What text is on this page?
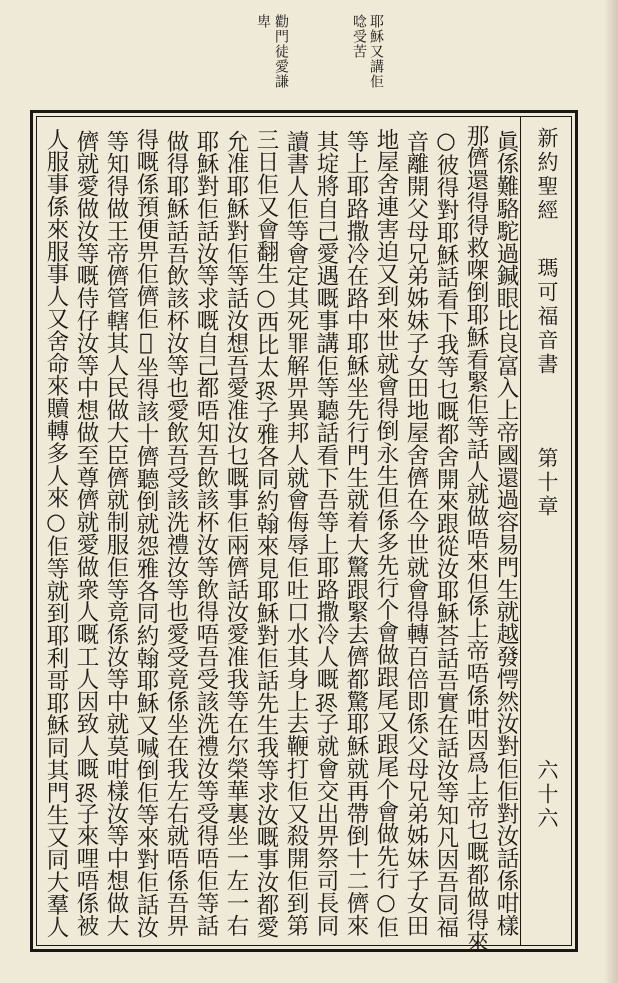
耶穌又講佢
唸受苦
勸門徒愛謙
卑
新約聖經
瑪可福音書
第十章
六十六
眞係難駱駝過鍼眼比良富入上帝國還過容易門生就越發愕然汝對佢佢對汝話係咁樣
那儕還得得救㗎倒耶穌看緊佢等話人就做唔來但係上帝唔係咁因爲上帝乜嘅都做得來
○彼得對耶穌話看下我等乜嘅都舍開來跟從汝耶穌荅話吾實在話汝等知凡因吾同福
音離開父母兄弟姊妹子女田地屋舍儕在今世就會得轉百倍即係父母兄弟姊妹子女田
地屋舍連害迫又到來世就會得倒永生但係多先行个會做跟尾又跟尾个會做先行○佢
等上耶路撒冷在路中耶穌坐先行門生就着大驚跟緊去儕都驚耶穌就再帶倒十二儕來
其埞將自己愛遇嘅事講佢等聽話看下吾等上耶路撒冷人嘅𡥧子就會交出畀祭司長同
讀書人佢等會定其死罪解畀異邦人就會侮辱佢吐口水其身上去鞭打佢又殺開佢到第
三日佢又會翻生○西比太𡥧子雅各同約翰來見耶穌對佢話先生我等求汝嘅事汝都愛
允准耶穌對佢等話汝想吾愛准汝乜嘅事佢兩儕話汝愛准我等在尔榮華裏坐一左一右
耶穌對佢話汝等求嘅自己都唔知吾飲該杯汝等飲得唔吾受該洗禮汝等受得唔佢等話
做得耶穌話吾飲該杯汝等也愛飲吾受該洗禮汝等也愛受竟係坐在我左右就唔係吾畀
得嘅係預便畀佢儕佢𠯵坐得該十儕聽倒就怨雅各同約翰耶穌又喊倒佢等來對佢話汝
等知得做王帝儕管轄其人民做大臣儕就制服佢等竟係汝等中就莫咁樣汝等中想做大
儕就愛做汝等嘅侍仔汝等中想做至尊儕就愛做衆人嘅工人因致人嘅𡥧子來哩唔係被
人服事係來服事人又舍命來贖轉多人來○佢等就到耶利哥耶穌同其門生又同大羣人
